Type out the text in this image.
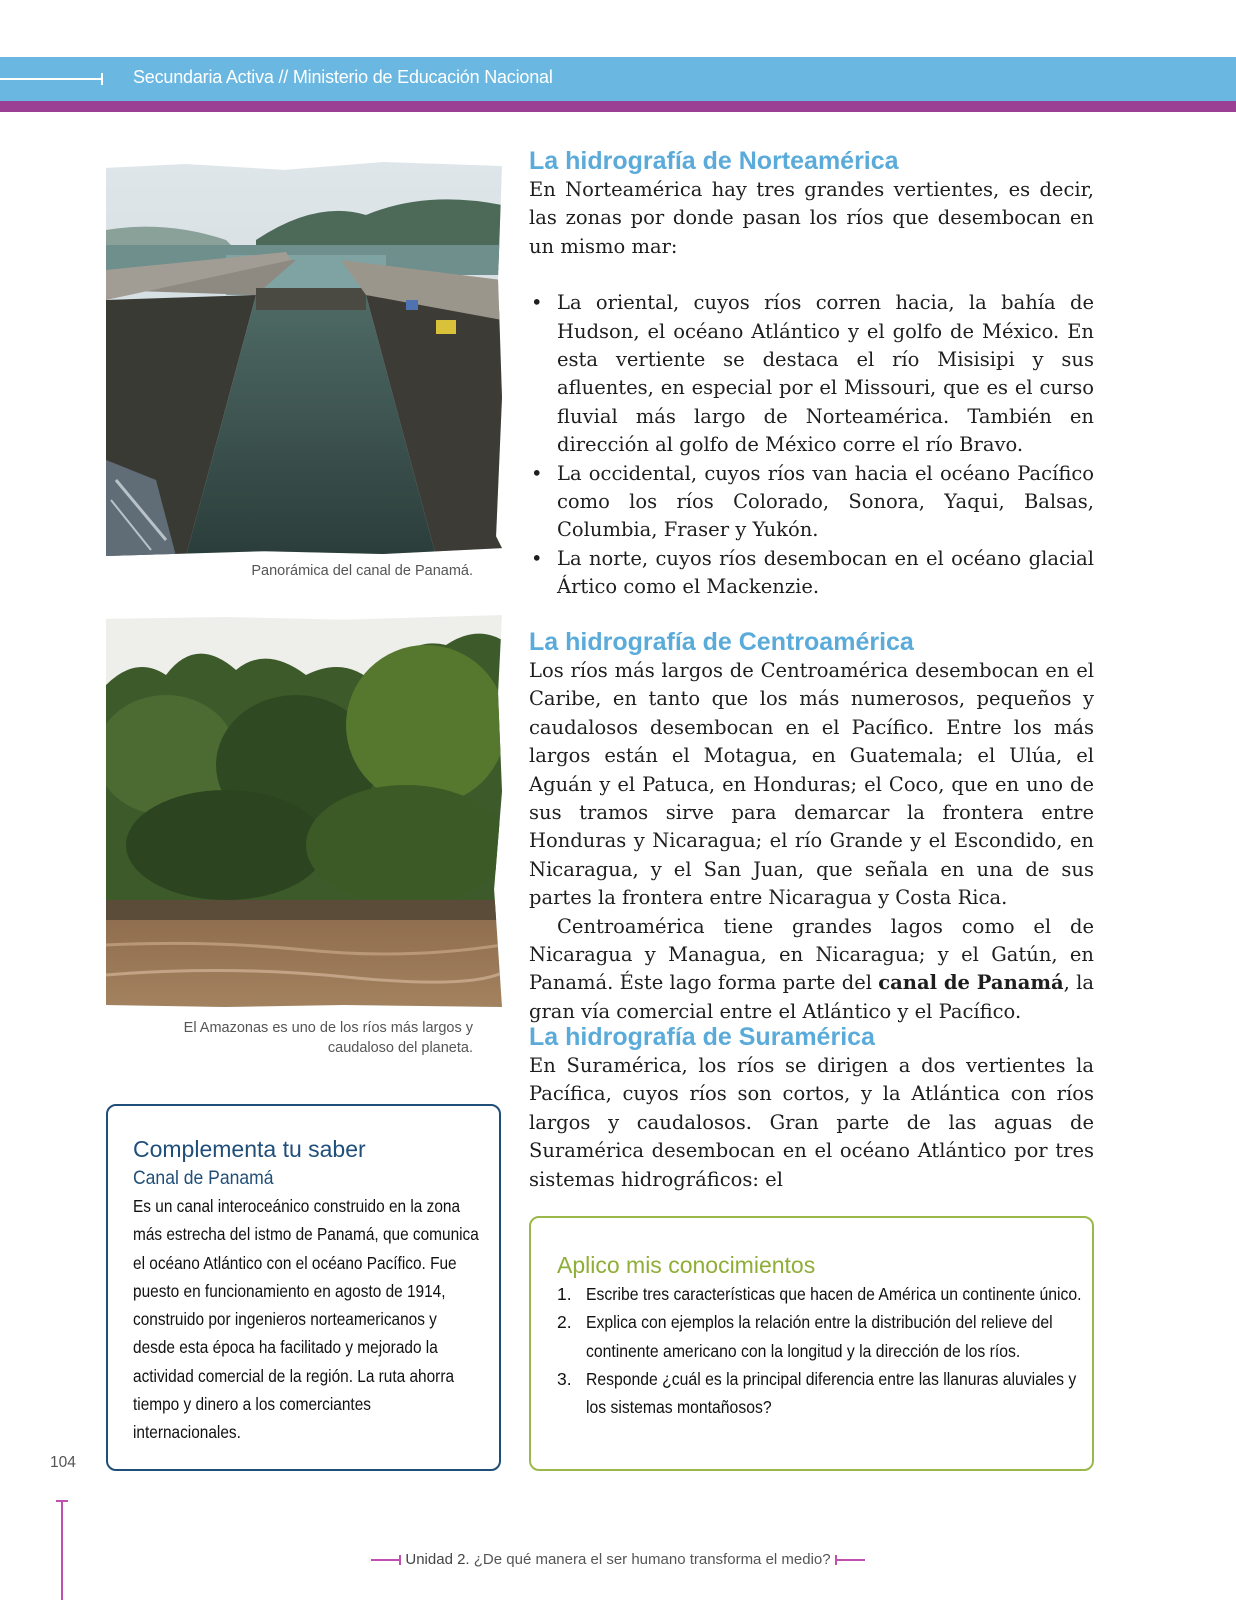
Secundaria Activa // Ministerio de Educación Nacional
Panorámica del canal de Panamá.
El Amazonas es uno de los ríos más largos y caudaloso del planeta.
La hidrografía de Norteamérica

En Norteamérica hay tres grandes vertientes, es decir, las zonas por donde pasan los ríos que desembocan en un mismo mar:

• La oriental, cuyos ríos corren hacia, la bahía de Hudson, el océano Atlántico y el golfo de México. En esta vertiente se destaca el río Misisipi y sus afluentes, en especial por el Missouri, que es el curso fluvial más largo de Norteamérica. También en dirección al golfo de México corre el río Bravo.
• La occidental, cuyos ríos van hacia el océano Pacífico como los ríos Colorado, Sonora, Yaqui, Balsas, Columbia, Fraser y Yukón.
• La norte, cuyos ríos desembocan en el océano glacial Ártico como el Mackenzie.
La hidrografía de Centroamérica

Los ríos más largos de Centroamérica desembocan en el Caribe, en tanto que los más numerosos, pequeños y caudalosos desembocan en el Pacífico. Entre los más largos están el Motagua, en Guatemala; el Ulúa, el Aguán y el Patuca, en Honduras; el Coco, que en uno de sus tramos sirve para demarcar la frontera entre Honduras y Nicaragua; el río Grande y el Escondido, en Nicaragua, y el San Juan, que señala en una de sus partes la frontera entre Nicaragua y Costa Rica.

Centroamérica tiene grandes lagos como el de Nicaragua y Managua, en Nicaragua; y el Gatún, en Panamá. Éste lago forma parte del canal de Panamá, la gran vía comercial entre el Atlántico y el Pacífico.

La hidrografía de Suramérica

En Suramérica, los ríos se dirigen a dos vertientes la Pacífica, cuyos ríos son cortos, y la Atlántica con ríos largos y caudalosos. Gran parte de las aguas de Suramérica desembocan en el océano Atlántico por tres sistemas hidrográficos: el

Complementa tu saber
Canal de Panamá
Es un canal interoceánico construido en la zona más estrecha del istmo de Panamá, que comunica el océano Atlántico con el océano Pacífico. Fue puesto en funcionamiento en agosto de 1914, construido por ingenieros norteamericanos y desde esta época ha facilitado y mejorado la actividad comercial de la región. La ruta ahorra tiempo y dinero a los comerciantes internacionales.
Aplico mis conocimientos
1. Escribe tres características que hacen de América un continente único.
2. Explica con ejemplos la relación entre la distribución del relieve del continente americano con la longitud y la dirección de los ríos.
3. Responde ¿cuál es la principal diferencia entre las llanuras aluviales y los sistemas montañosos?
104
Unidad 2. ¿De qué manera el ser humano transforma el medio?
